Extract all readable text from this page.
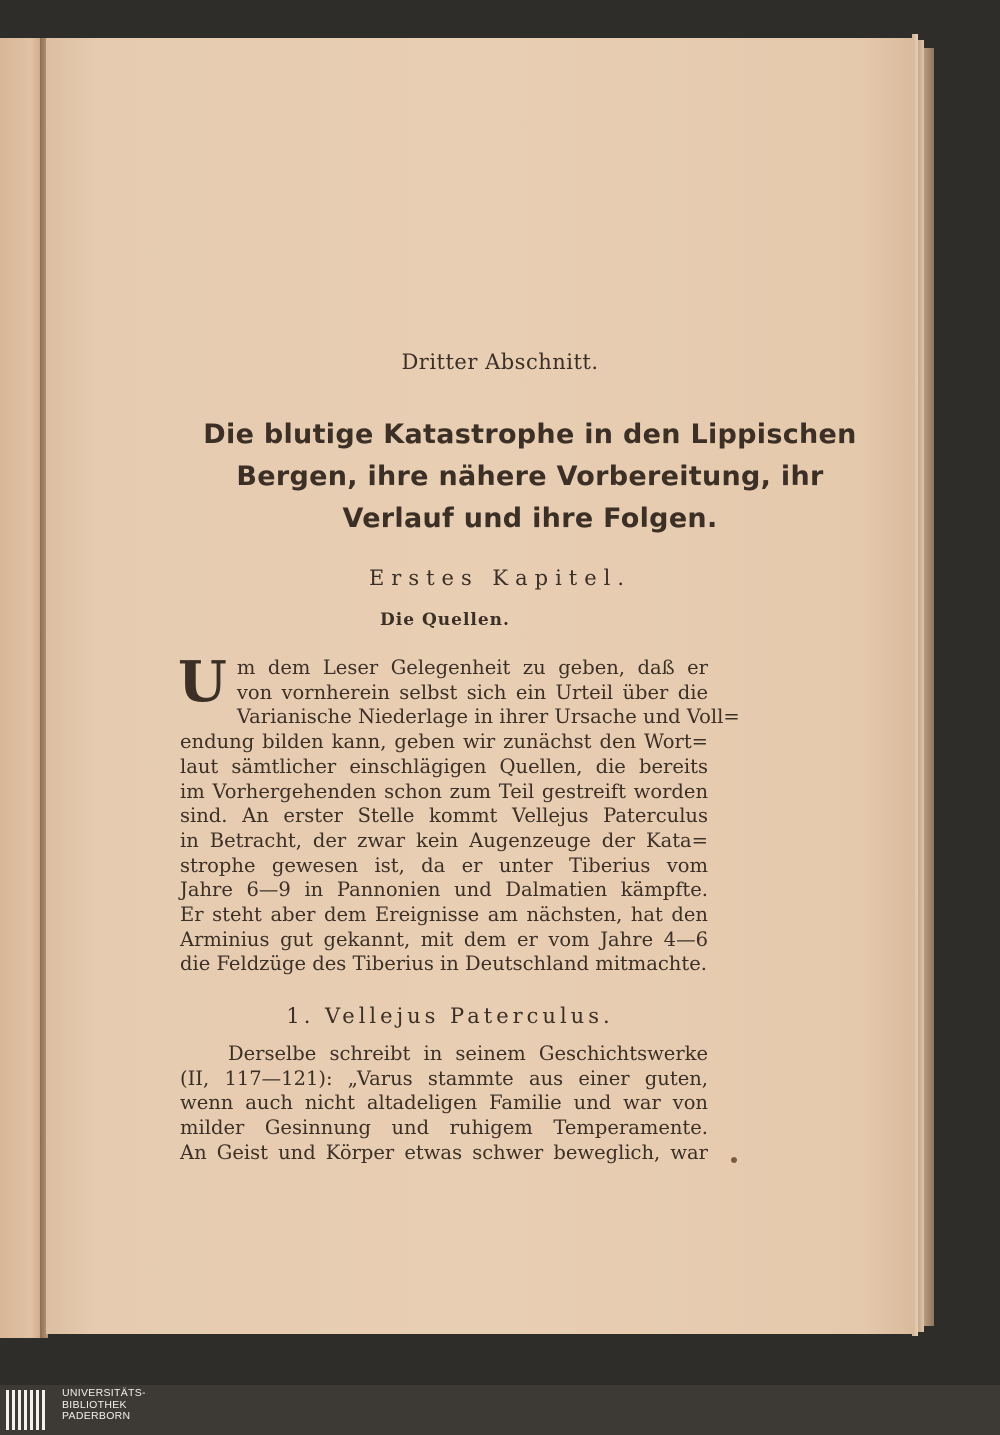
Dritter Abschnitt.
Die blutige Katastrophe in den Lippischen
Bergen, ihre nähere Vorbereitung, ihr
Verlauf und ihre Folgen.
Erstes Kapitel.
Die Quellen.
U m dem Leser Gelegenheit zu geben, daß er
von vornherein selbst sich ein Urteil über die
Varianische Niederlage in ihrer Ursache und Voll=
endung bilden kann, geben wir zunächst den Wort=
laut sämtlicher einschlägigen Quellen, die bereits
im Vorhergehenden schon zum Teil gestreift worden
sind. An erster Stelle kommt Vellejus Paterculus
in Betracht, der zwar kein Augenzeuge der Kata=
strophe gewesen ist, da er unter Tiberius vom
Jahre 6—9 in Pannonien und Dalmatien kämpfte.
Er steht aber dem Ereignisse am nächsten, hat den
Arminius gut gekannt, mit dem er vom Jahre 4—6
die Feldzüge des Tiberius in Deutschland mitmachte.
1. Vellejus Paterculus.
Derselbe schreibt in seinem Geschichtswerke
(II, 117—121): „Varus stammte aus einer guten,
wenn auch nicht altadeligen Familie und war von
milder Gesinnung und ruhigem Temperamente.
An Geist und Körper etwas schwer beweglich, war
UNIVERSITÄTS-
BIBLIOTHEK
PADERBORN
